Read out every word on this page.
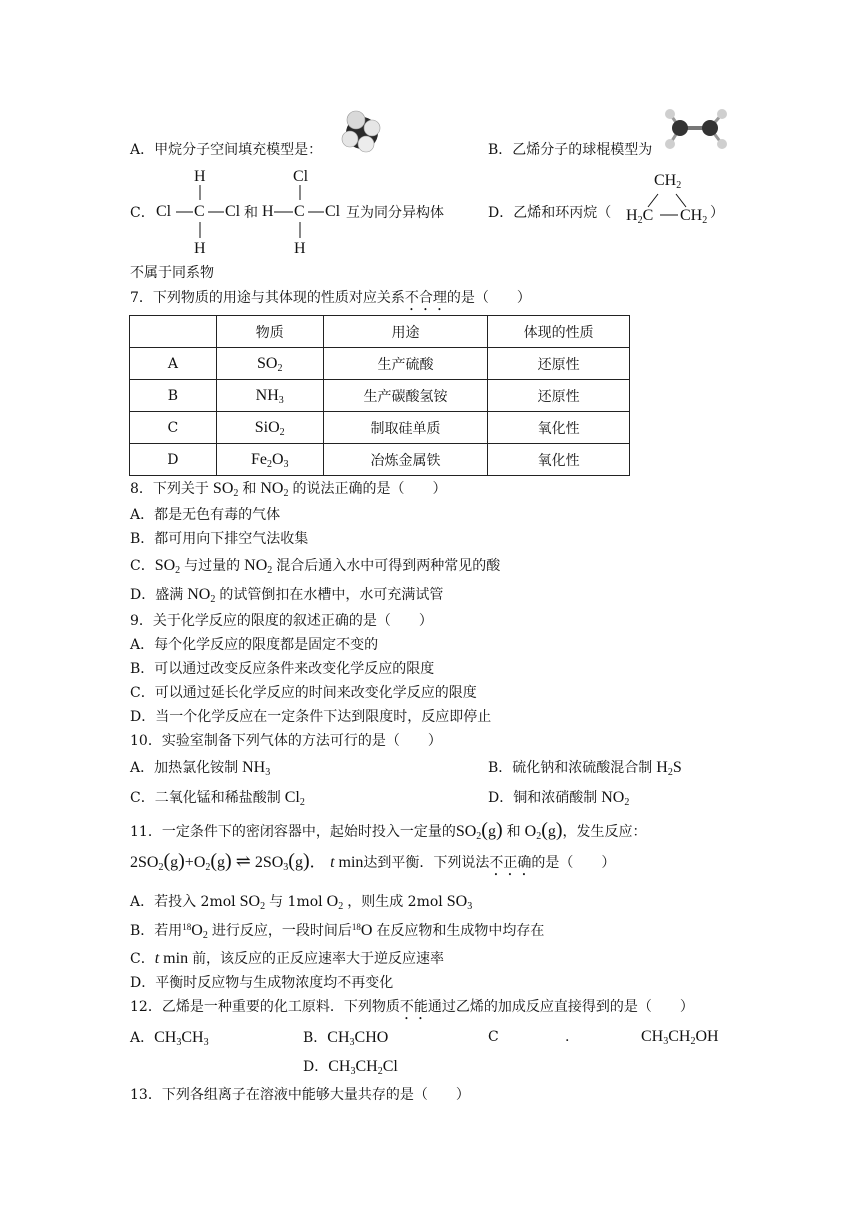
A．甲烷分子空间填充模型是：	B．乙烯分子的球棍模型为
C．
H
Cl C Cl
H
和
Cl
H C Cl
H
互为同分异构体	D．乙烯和环丙烷（
$CH_2$
$H_2C$ $CH_2$ ）
不属于同系物
7．下列物质的用途与其体现的性质对应关系不合理的是（　　）
	物质	用途	体现的性质
A	$SO_2$	生产硫酸	还原性
B	$NH_3$	生产碳酸氢铵	还原性
C	SiO$_2$	制取硅单质	氧化性
D	$Fe_2O_3$	冶炼金属铁	氧化性
8．下列关于 $SO_2$ 和 $NO_2$ 的说法正确的是（　　）
A．都是无色有毒的气体
B．都可用向下排空气法收集
C．$SO_2$ 与过量的 $NO_2$ 混合后通入水中可得到两种常见的酸
D．盛满 $NO_2$ 的试管倒扣在水槽中，水可充满试管
9．关于化学反应的限度的叙述正确的是（　　）
A．每个化学反应的限度都是固定不变的
B．可以通过改变反应条件来改变化学反应的限度
C．可以通过延长化学反应的时间来改变化学反应的限度
D．当一个化学反应在一定条件下达到限度时，反应即停止
10．实验室制备下列气体的方法可行的是（　　）
A．加热氯化铵制 $NH_3$	B．硫化钠和浓硫酸混合制 $H_2S$
C．二氧化锰和稀盐酸制 $Cl_2$	D．铜和浓硝酸制 $NO_2$
11．一定条件下的密闭容器中，起始时投入一定量的$SO_2(g)$ 和 $O_2(g)$，发生反应：
$2SO_2(g)+O_2(g)$ ⇌ $2SO_3(g)$． t min达到平衡．下列说法不正确的是（　　）
A．若投入 2mol $SO_2$ 与 1mol $O_2$ ，则生成 2mol $SO_3$
B．若用$^{18}O_2$ 进行反应，一段时间后$^{18}$O 在反应物和生成物中均存在
C．t min 前，该反应的正反应速率大于逆反应速率
D．平衡时反应物与生成物浓度均不再变化
12．乙烯是一种重要的化工原料．下列物质不能通过乙烯的加成反应直接得到的是（　　）
A．$CH_3CH_3$	B．$CH_3CHO$	C	.	$CH_3CH_2OH$
D．$CH_3CH_2Cl$
13．下列各组离子在溶液中能够大量共存的是（　　）
